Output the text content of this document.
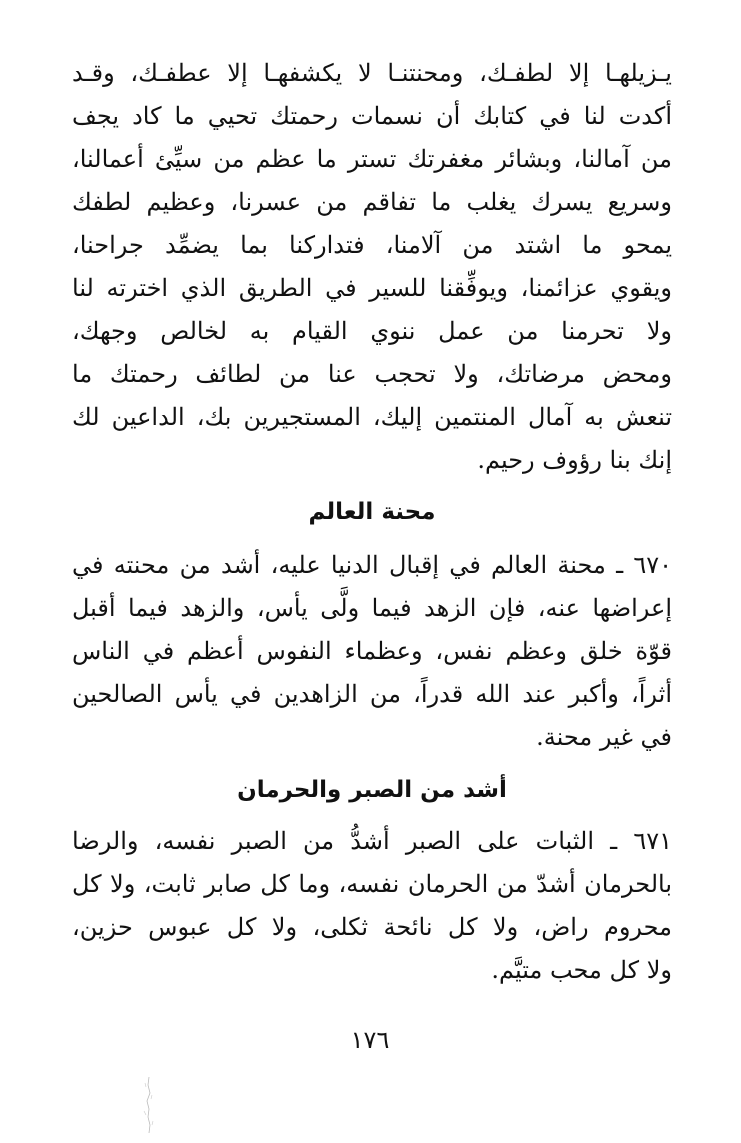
يـزيلهـا إلا لطفـك، ومحنتنـا لا يكشفهـا إلا عطفـك، وقـد
أكدت لنا في كتابك أن نسمات رحمتك تحيي ما كاد يجف
من آمالنا، وبشائر مغفرتك تستر ما عظم من سيِّئ أعمالنا،
وسريع يسرك يغلب ما تفاقم من عسرنا، وعظيم لطفك
يمحو ما اشتد من آلامنا، فتداركنا بما يضمِّد جراحنا،
ويقوي عزائمنا، ويوفِّقنا للسير في الطريق الذي اخترته لنا
ولا تحرمنا من عمل ننوي القيام به لخالص وجهك،
ومحض مرضاتك، ولا تحجب عنا من لطائف رحمتك ما
تنعش به آمال المنتمين إليك، المستجيرين بك، الداعين لك
إنك بنا رؤوف رحيم.
محنة العالم
٦٧٠ ـ محنة العالم في إقبال الدنيا عليه، أشد من محنته في
إعراضها عنه، فإن الزهد فيما ولَّى يأس، والزهد فيما أقبل
قوّة خلق وعظم نفس، وعظماء النفوس أعظم في الناس
أثراً، وأكبر عند الله قدراً، من الزاهدين في يأس الصالحين
في غير محنة.
أشد من الصبر والحرمان
٦٧١ ـ الثبات على الصبر أشدُّ من الصبر نفسه، والرضا
بالحرمان أشدّ من الحرمان نفسه، وما كل صابر ثابت، ولا كل
محروم راض، ولا كل نائحة ثكلى، ولا كل عبوس حزين،
ولا كل محب متيَّم.
١٧٦
